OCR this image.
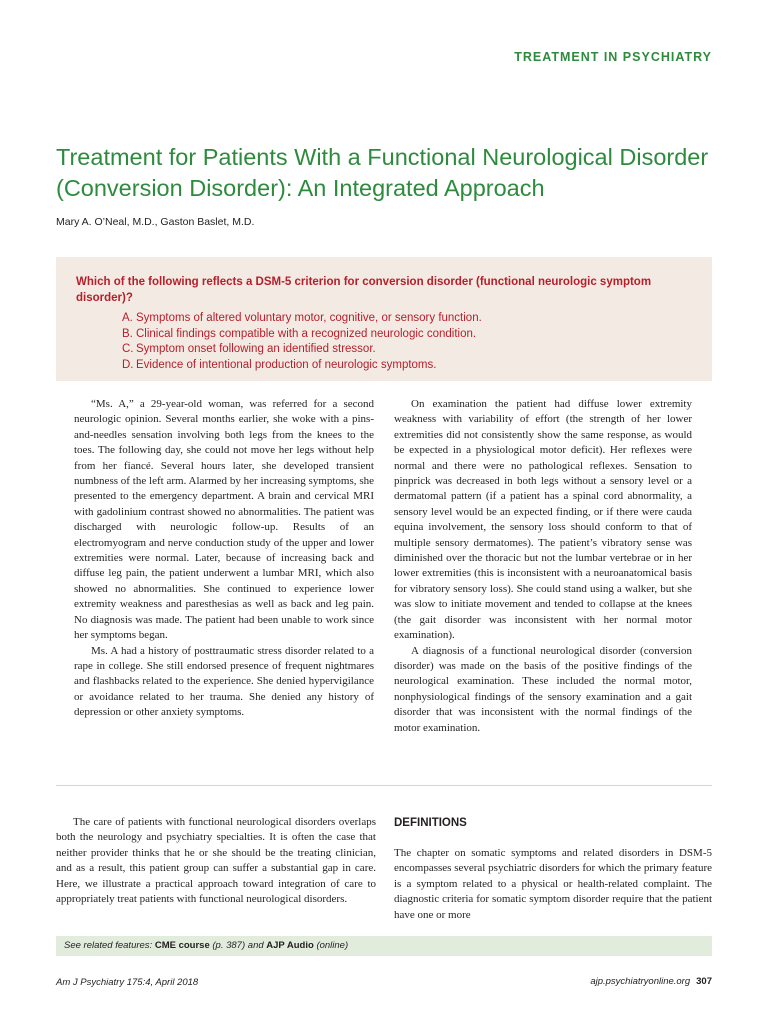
TREATMENT IN PSYCHIATRY
Treatment for Patients With a Functional Neurological Disorder (Conversion Disorder): An Integrated Approach
Mary A. O’Neal, M.D., Gaston Baslet, M.D.

Which of the following reflects a DSM-5 criterion for conversion disorder (functional neurologic symptom disorder)?

A. Symptoms of altered voluntary motor, cognitive, or sensory function.
B. Clinical findings compatible with a recognized neurologic condition.
C. Symptom onset following an identified stressor.
D. Evidence of intentional production of neurologic symptoms.

“Ms. A,” a 29-year-old woman, was referred for a second neurologic opinion. Several months earlier, she woke with a pins-and-needles sensation involving both legs from the knees to the toes. The following day, she could not move her legs without help from her fiancé. Several hours later, she developed transient numbness of the left arm. Alarmed by her increasing symptoms, she presented to the emergency department. A brain and cervical MRI with gadolinium contrast showed no abnormalities. The patient was discharged with neurologic follow-up. Results of an electromyogram and nerve conduction study of the upper and lower extremities were normal. Later, because of increasing back and diffuse leg pain, the patient underwent a lumbar MRI, which also showed no abnormalities. She continued to experience lower extremity weakness and paresthesias as well as back and leg pain. No diagnosis was made. The patient had been unable to work since her symptoms began.

Ms. A had a history of posttraumatic stress disorder related to a rape in college. She still endorsed presence of frequent nightmares and flashbacks related to the experience. She denied hypervigilance or avoidance related to her trauma. She denied any history of depression or other anxiety symptoms.

On examination the patient had diffuse lower extremity weakness with variability of effort (the strength of her lower extremities did not consistently show the same response, as would be expected in a physiological motor deficit). Her reflexes were normal and there were no pathological reflexes. Sensation to pinprick was decreased in both legs without a sensory level or a dermatomal pattern (if a patient has a spinal cord abnormality, a sensory level would be an expected finding, or if there were cauda equina involvement, the sensory loss should conform to that of multiple sensory dermatomes). The patient’s vibratory sense was diminished over the thoracic but not the lumbar vertebrae or in her lower extremities (this is inconsistent with a neuroanatomical basis for vibratory sensory loss). She could stand using a walker, but she was slow to initiate movement and tended to collapse at the knees (the gait disorder was inconsistent with her normal motor examination).

A diagnosis of a functional neurological disorder (conversion disorder) was made on the basis of the positive findings of the neurological examination. These included the normal motor, nonphysiological findings of the sensory examination and a gait disorder that was inconsistent with the normal findings of the motor examination.

The care of patients with functional neurological disorders overlaps both the neurology and psychiatry specialties. It is often the case that neither provider thinks that he or she should be the treating clinician, and as a result, this patient group can suffer a substantial gap in care. Here, we illustrate a practical approach toward integration of care to appropriately treat patients with functional neurological disorders.

DEFINITIONS

The chapter on somatic symptoms and related disorders in DSM-5 encompasses several psychiatric disorders for which the primary feature is a symptom related to a physical or health-related complaint. The diagnostic criteria for somatic symptom disorder require that the patient have one or more

See related features: CME course (p. 387) and AJP Audio (online)
Am J Psychiatry 175:4, April 2018	ajp.psychiatryonline.org 307
